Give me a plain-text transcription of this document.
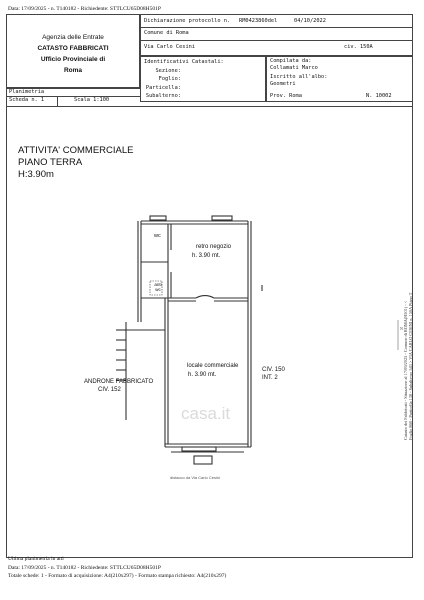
Data: 17/09/2025 - n. T140182 - Richiedente: STTLCU65D08H501P
Agenzia delle Entrate
CATASTO FABBRICATI
Ufficio Provinciale di
Roma
Dichiarazione protocollo n. RM0423860del	04/10/2022
Comune di Roma
Via Carlo Cesini	civ. 150A
Identificativi Catastali:
Sezione:
Foglio:
Particella:
Subalterno:
Compilata da:
Collamati Marco
Iscritto all'albo:
Geometri
Prov. Roma	N. 10002
Planimetria
Scheda n. 1	Scala 1:100
ATTIVITA' COMMERCIALE
PIANO TERRA
H:3.90m
wc
anti wc
retro negozio
h. 3.90 mt.
locale commerciale
h. 3.90 mt.
CIV. 150
INT. 2
ANDRONE FABBRICATO
CIV. 152
distacco da Via Carlo Cesini
casa.it
N Catasto dei Fabbricati - Situazione al 17/09/2025 - Comune di ROMA(H501) - < Foglio 868 - Particella 138 - Subalterno 543 > VIA CARLO CESINI n. 150A Piano T
Ultima planimetria in atti
Data: 17/09/2025 - n. T140182 - Richiedente: STTLCU65D08H501P
Totale schede: 1 - Formato di acquisizione: A4(210x297) - Formato stampa richiesto: A4(210x297)
